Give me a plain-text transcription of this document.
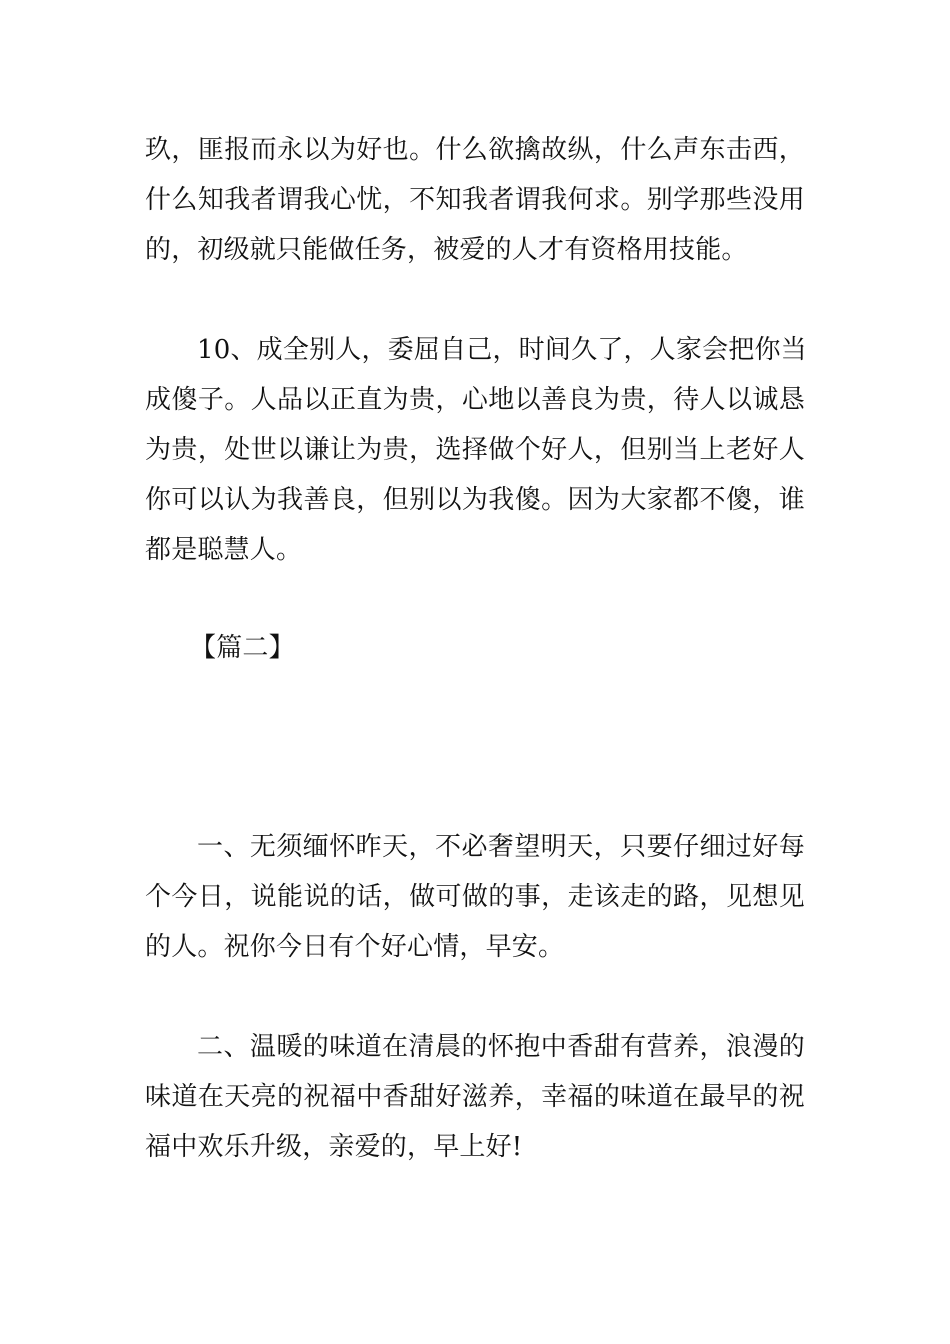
玖，匪报而永以为好也。什么欲擒故纵，什么声东击西，
什么知我者谓我心忧，不知我者谓我何求。别学那些没用
的，初级就只能做任务，被爱的人才有资格用技能。
10、成全别人，委屈自己，时间久了，人家会把你当
成傻子。人品以正直为贵，心地以善良为贵，待人以诚恳
为贵，处世以谦让为贵，选择做个好人，但别当上老好人
你可以认为我善良，但别以为我傻。因为大家都不傻，谁
都是聪慧人。
【篇二】
一、无须缅怀昨天，不必奢望明天，只要仔细过好每
个今日，说能说的话，做可做的事，走该走的路，见想见
的人。祝你今日有个好心情，早安。
二、温暖的味道在清晨的怀抱中香甜有营养，浪漫的
味道在天亮的祝福中香甜好滋养，幸福的味道在最早的祝
福中欢乐升级，亲爱的，早上好!
